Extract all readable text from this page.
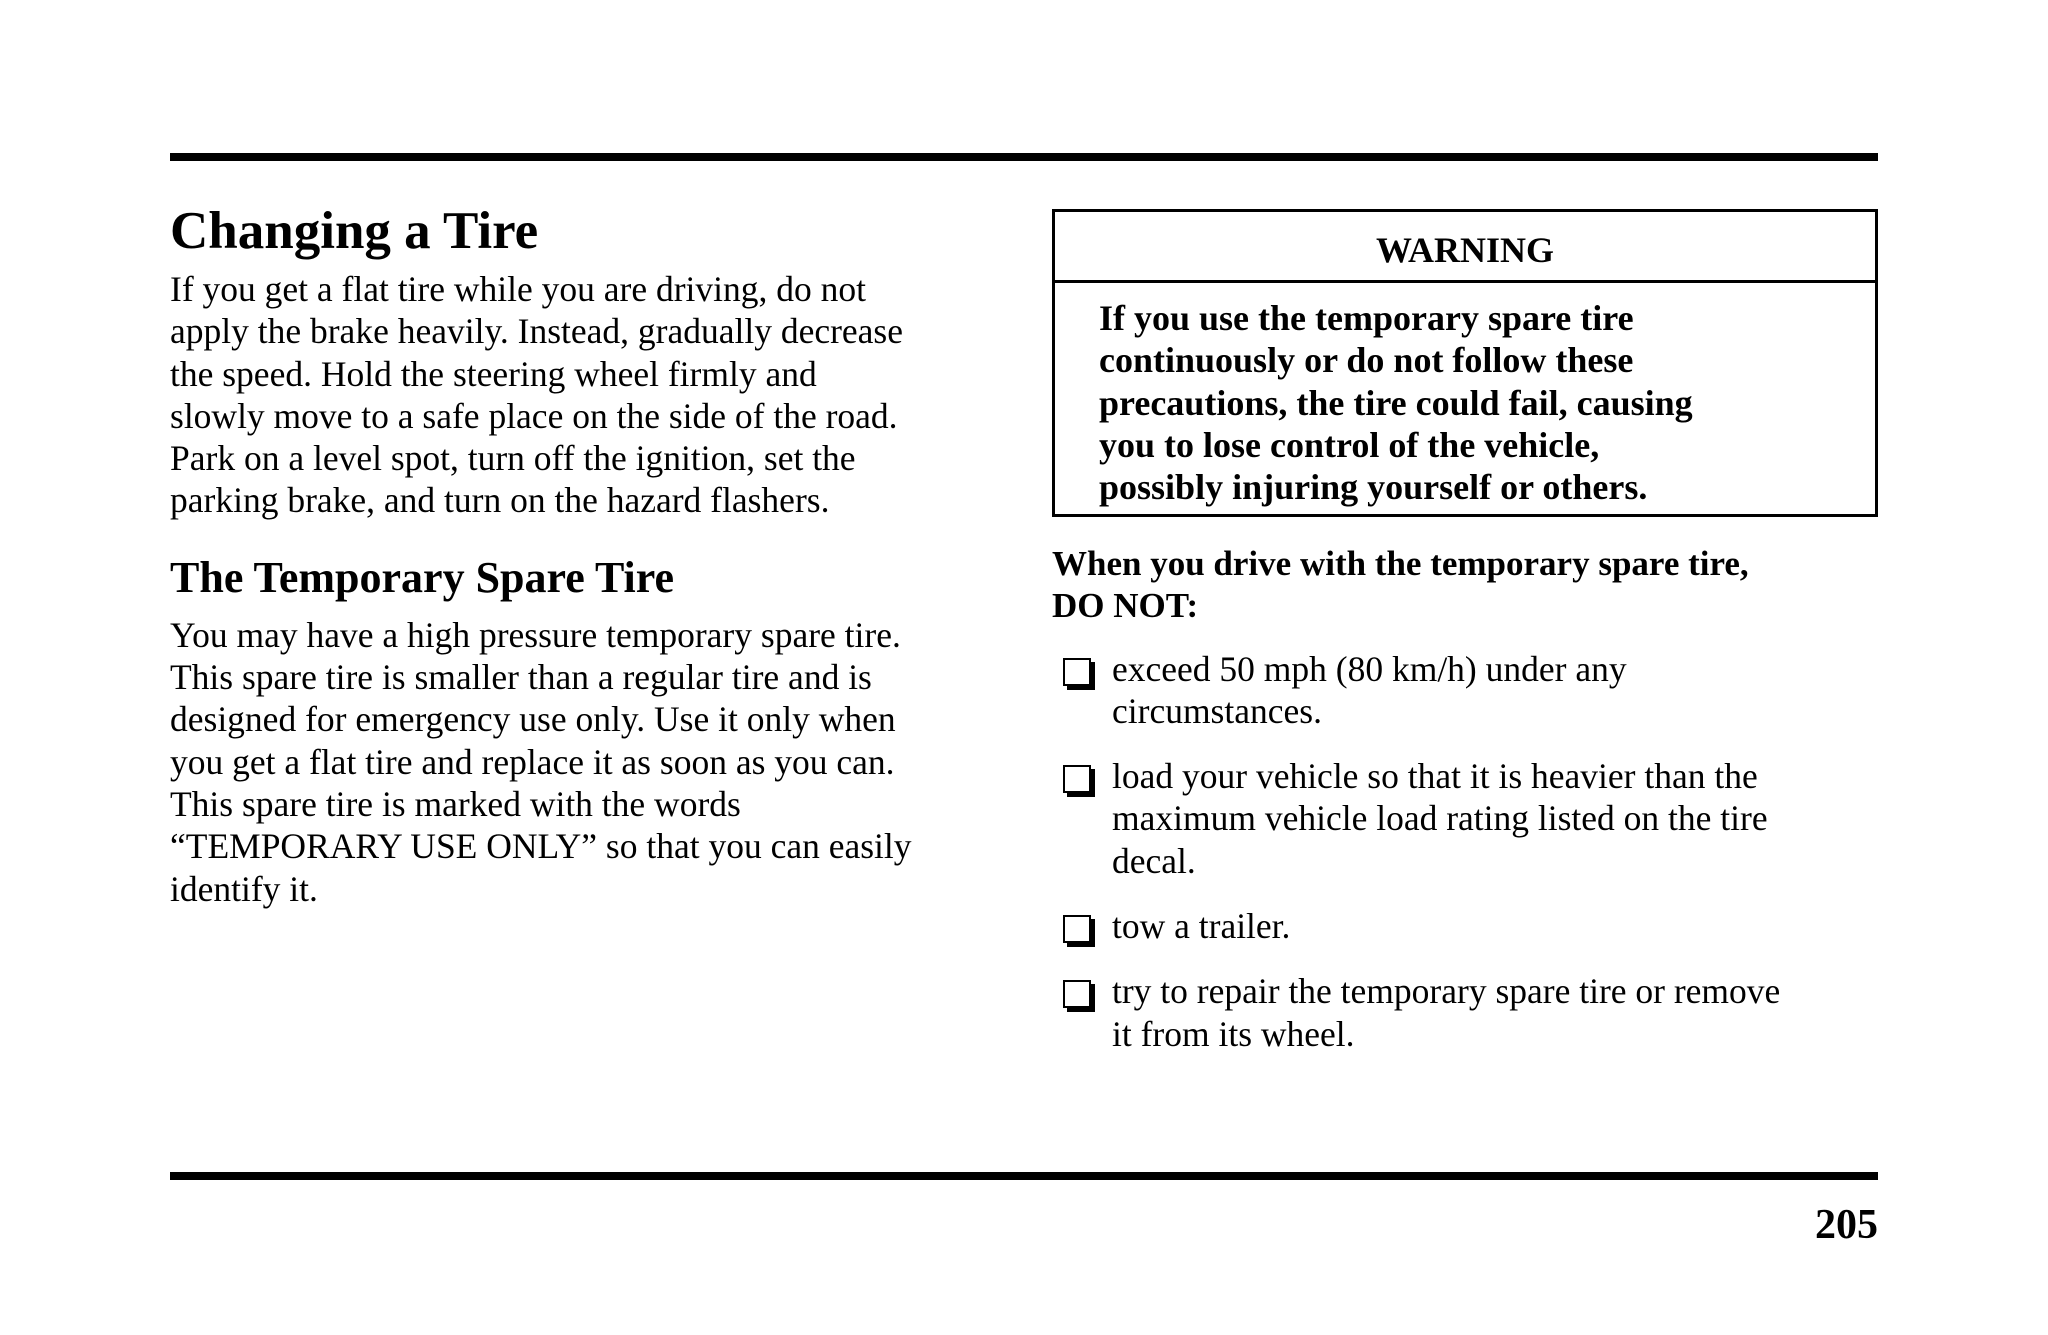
Changing a Tire
If you get a flat tire while you are driving, do not
apply the brake heavily. Instead, gradually decrease
the speed. Hold the steering wheel firmly and
slowly move to a safe place on the side of the road.
Park on a level spot, turn off the ignition, set the
parking brake, and turn on the hazard flashers.
The Temporary Spare Tire
You may have a high pressure temporary spare tire.
This spare tire is smaller than a regular tire and is
designed for emergency use only. Use it only when
you get a flat tire and replace it as soon as you can.
This spare tire is marked with the words
“TEMPORARY USE ONLY” so that you can easily
identify it.
WARNING
If you use the temporary spare tire
continuously or do not follow these
precautions, the tire could fail, causing
you to lose control of the vehicle,
possibly injuring yourself or others.
When you drive with the temporary spare tire,
DO NOT:
exceed 50 mph (80 km/h) under any
circumstances.
load your vehicle so that it is heavier than the
maximum vehicle load rating listed on the tire
decal.
tow a trailer.
try to repair the temporary spare tire or remove
it from its wheel.
205
